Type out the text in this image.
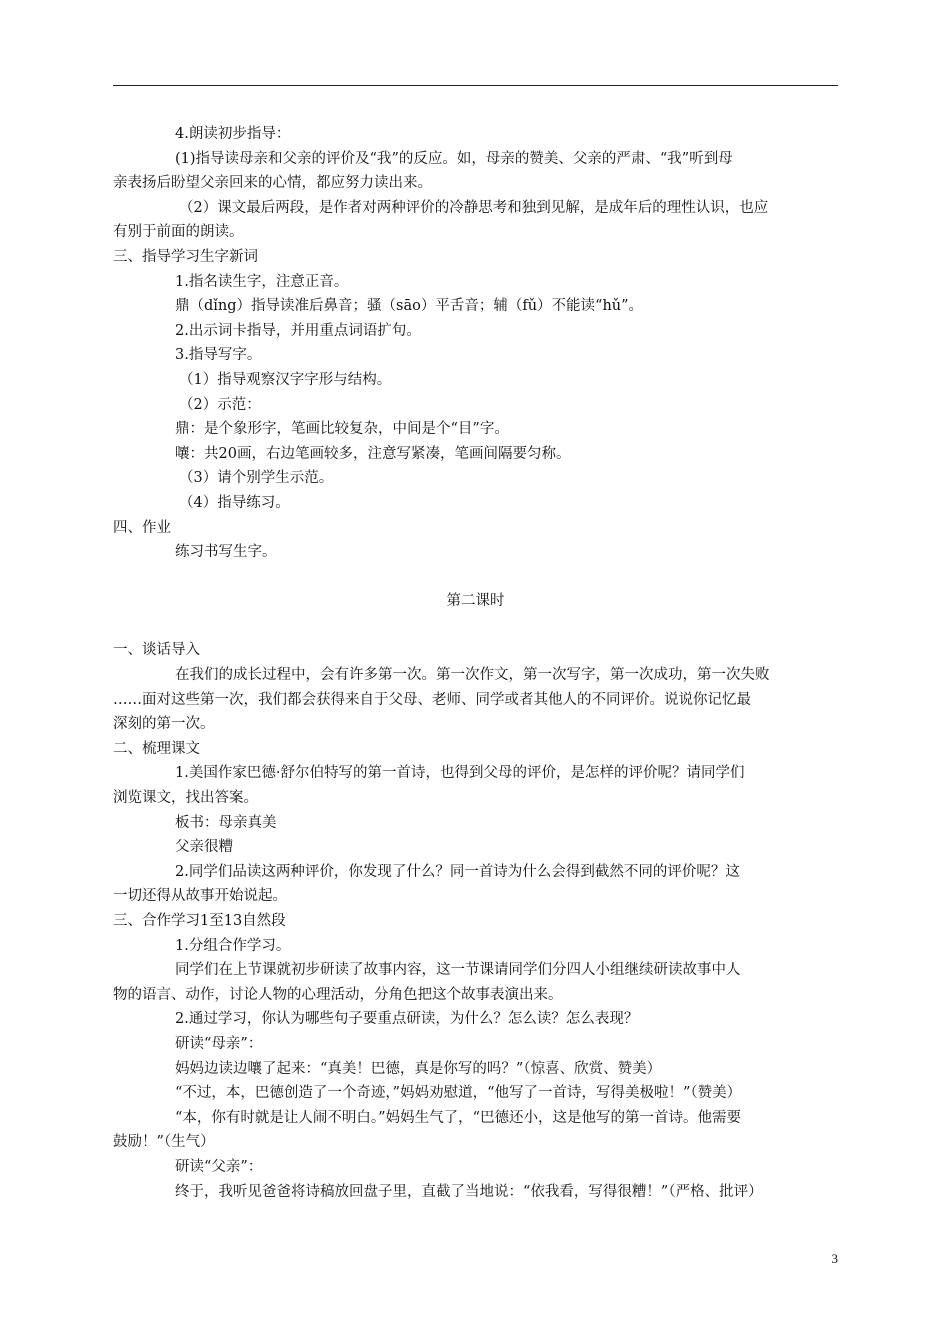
4.朗读初步指导：
(1)指导读母亲和父亲的评价及“我”的反应。如，母亲的赞美、父亲的严肃、“我”听到母
亲表扬后盼望父亲回来的心情，都应努力读出来。
（2）课文最后两段，是作者对两种评价的冷静思考和独到见解，是成年后的理性认识，也应
有别于前面的朗读。
三、指导学习生字新词
1.指名读生字，注意正音。
鼎（dǐng）指导读准后鼻音；骚（sāo）平舌音；辅（fǔ）不能读“hǔ”。
2.出示词卡指导，并用重点词语扩句。
3.指导写字。
（1）指导观察汉字字形与结构。
（2）示范：
鼎：是个象形字，笔画比较复杂，中间是个“目”字。
嚷：共20画，右边笔画较多，注意写紧凑，笔画间隔要匀称。
（3）请个别学生示范。
（4）指导练习。
四、作业
练习书写生字。
第二课时
一、谈话导入
在我们的成长过程中，会有许多第一次。第一次作文，第一次写字，第一次成功，第一次失败
……面对这些第一次，我们都会获得来自于父母、老师、同学或者其他人的不同评价。说说你记忆最
深刻的第一次。
二、梳理课文
1.美国作家巴德·舒尔伯特写的第一首诗，也得到父母的评价，是怎样的评价呢？请同学们
浏览课文，找出答案。
板书：母亲真美
父亲很糟
2.同学们品读这两种评价，你发现了什么？同一首诗为什么会得到截然不同的评价呢？这
一切还得从故事开始说起。
三、合作学习1至13自然段
1.分组合作学习。
同学们在上节课就初步研读了故事内容，这一节课请同学们分四人小组继续研读故事中人
物的语言、动作，讨论人物的心理活动，分角色把这个故事表演出来。
2.通过学习，你认为哪些句子要重点研读，为什么？怎么读？怎么表现？
研读“母亲”：
妈妈边读边嚷了起来：“真美！巴德，真是你写的吗？”（惊喜、欣赏、赞美）
“不过，本，巴德创造了一个奇迹，”妈妈劝慰道，“他写了一首诗，写得美极啦！”（赞美）
“本，你有时就是让人闹不明白。”妈妈生气了，“巴德还小，这是他写的第一首诗。他需要
鼓励！”（生气）
研读“父亲”：
终于，我听见爸爸将诗稿放回盘子里，直截了当地说：“依我看，写得很糟！”（严格、批评）
3
